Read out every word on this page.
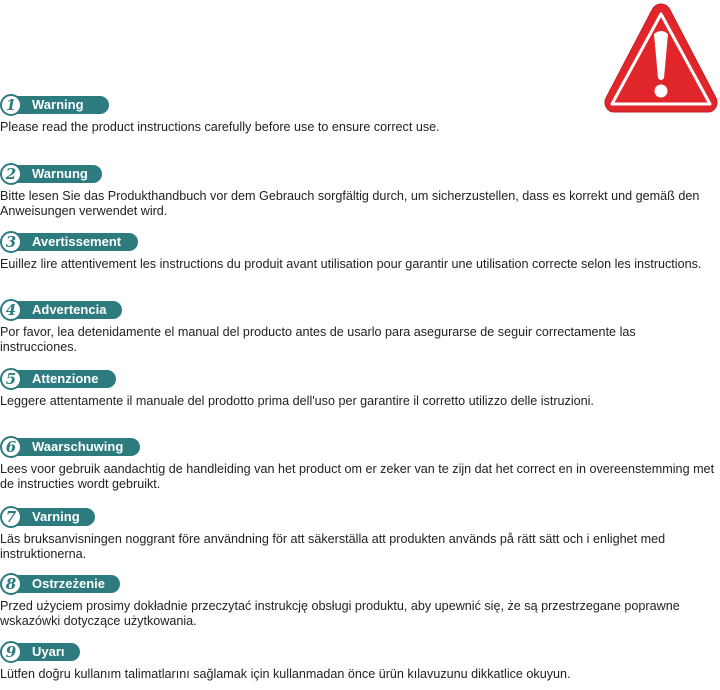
1	Warning
Please read the product instructions carefully before use to ensure correct use.
2	Warnung
Bitte lesen Sie das Produkthandbuch vor dem Gebrauch sorgfältig durch, um sicherzustellen, dass es korrekt und gemäß den Anweisungen verwendet wird.
3	Avertissement
Euillez lire attentivement les instructions du produit avant utilisation pour garantir une utilisation correcte selon les instructions.
4	Advertencia
Por favor, lea detenidamente el manual del producto antes de usarlo para asegurarse de seguir correctamente las instrucciones.
5	Attenzione
Leggere attentamente il manuale del prodotto prima dell'uso per garantire il corretto utilizzo delle istruzioni.
6	Waarschuwing
Lees voor gebruik aandachtig de handleiding van het product om er zeker van te zijn dat het correct en in overeenstemming met de instructies wordt gebruikt.
7	Varning
Läs bruksanvisningen noggrant före användning för att säkerställa att produkten används på rätt sätt och i enlighet med instruktionerna.
8	Ostrzeżenie
Przed użyciem prosimy dokładnie przeczytać instrukcję obsługi produktu, aby upewnić się, że są przestrzegane poprawne wskazówki dotyczące użytkowania.
9	Uyarı
Lütfen doğru kullanım talimatlarını sağlamak için kullanmadan önce ürün kılavuzunu dikkatlice okuyun.
